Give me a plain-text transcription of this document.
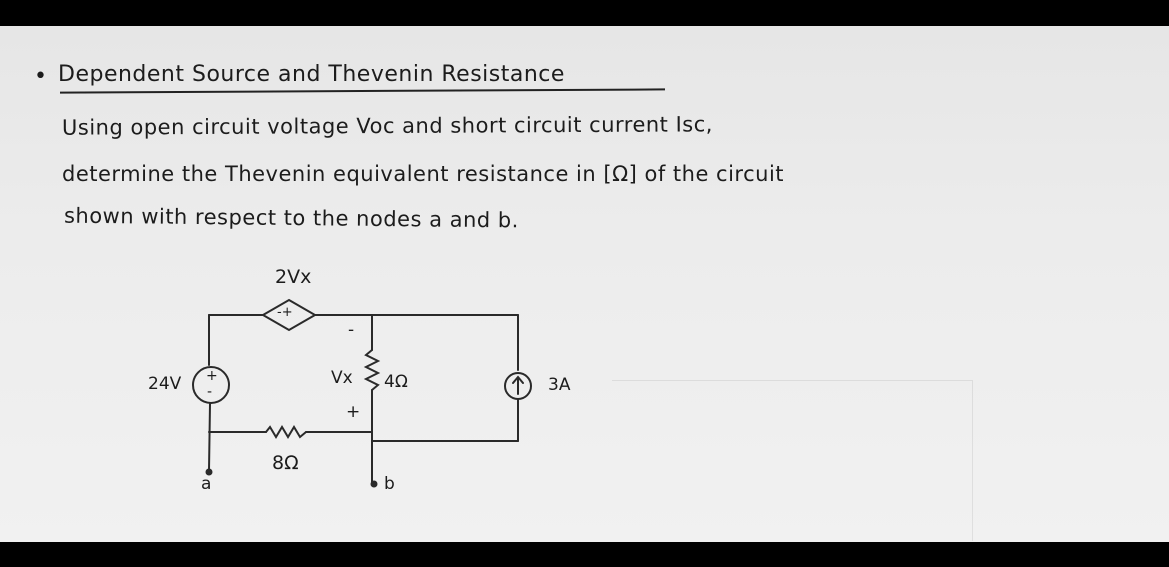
• Dependent Source and Thevenin Resistance
Using open circuit voltage Voc and short circuit current Isc,
determine the Thevenin equivalent resistance in [Ω] of the circuit
shown with respect to the nodes a and b.
2Vx
-+
24V +
-
Vx 4Ω
-
+
8Ω
3A
a	b
